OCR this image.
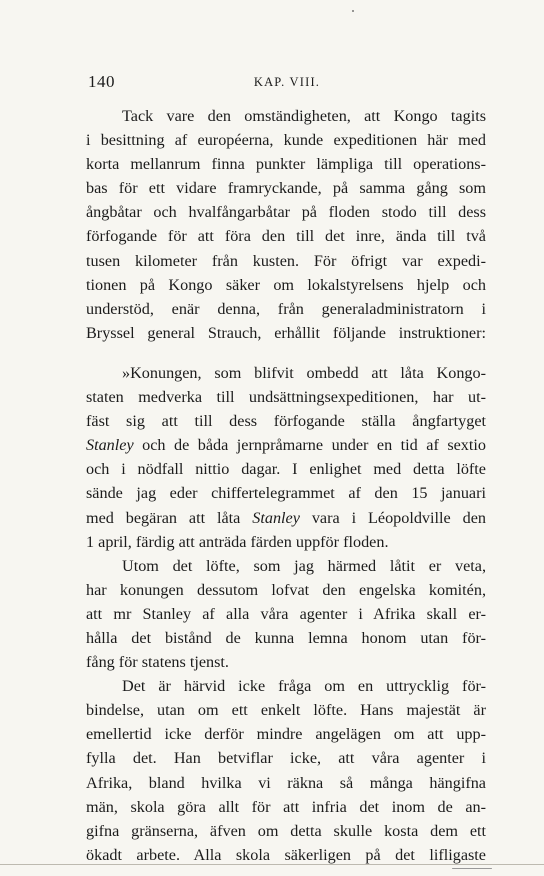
140	KAP. VIII.
Tack vare den omständigheten, att Kongo tagits
i besittning af européerna, kunde expeditionen här med
korta mellanrum finna punkter lämpliga till operations-
bas för ett vidare framryckande, på samma gång som
ångbåtar och hvalfångarbåtar på floden stodo till dess
förfogande för att föra den till det inre, ända till två
tusen kilometer från kusten. För öfrigt var expedi-
tionen på Kongo säker om lokalstyrelsens hjelp och
understöd, enär denna, från generaladministratorn i
Bryssel general Strauch, erhållit följande instruktioner:
»Konungen, som blifvit ombedd att låta Kongo-
staten medverka till undsättningsexpeditionen, har ut-
fäst sig att till dess förfogande ställa ångfartyget
Stanley och de båda jernpråmarne under en tid af sextio
och i nödfall nittio dagar. I enlighet med detta löfte
sände jag eder chiffertelegrammet af den 15 januari
med begäran att låta Stanley vara i Léopoldville den
1 april, färdig att anträda färden uppför floden.
Utom det löfte, som jag härmed låtit er veta,
har konungen dessutom lofvat den engelska komitén,
att mr Stanley af alla våra agenter i Afrika skall er-
hålla det bistånd de kunna lemna honom utan för-
fång för statens tjenst.
Det är härvid icke fråga om en uttrycklig för-
bindelse, utan om ett enkelt löfte. Hans majestät är
emellertid icke derför mindre angelägen om att upp-
fylla det. Han betviflar icke, att våra agenter i
Afrika, bland hvilka vi räkna så många hängifna
män, skola göra allt för att infria det inom de an-
gifna gränserna, äfven om detta skulle kosta dem ett
ökadt arbete. Alla skola säkerligen på det lifligaste
